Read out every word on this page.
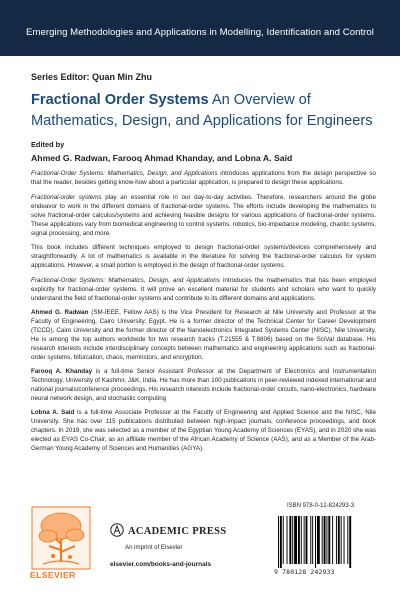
Emerging Methodologies and Applications in Modelling, Identification and Control
Series Editor: Quan Min Zhu
Fractional Order Systems An Overview of Mathematics, Design, and Applications for Engineers
Edited by
Ahmed G. Radwan, Farooq Ahmad Khanday, and Lobna A. Said

Fractional-Order Systems: Mathematics, Design, and Applications introduces applications from the design perspective so that the reader, besides getting know-how about a particular application, is prepared to design these applications.

Fractional-order systems play an essential role in our day-to-day activities. Therefore, researchers around the globe endeavor to work in the different domains of fractional-order systems. The efforts include developing the mathematics to solve fractional-order calculus/systems and achieving feasible designs for various applications of fractional-order systems. These applications vary from biomedical engineering to control systems, robotics, bio-impedance modeling, chaotic systems, signal processing, and more.

This book includes different techniques employed to design fractional-order systems/devices comprehensively and straightforwardly. A lot of mathematics is available in the literature for solving the fractional-order calculus for system applications. However, a small portion is employed in the design of fractional-order systems.

Fractional-Order Systems: Mathematics, Design, and Applications introduces the mathematics that has been employed explicitly for fractional-order systems. It will prove an excellent material for students and scholars who want to quickly understand the field of fractional-order systems and contribute to its different domains and applications.

Ahmed G. Radwan (SM-IEEE, Fellow AAS) is the Vice President for Research at Nile University and Professor at the Faculty of Engineering, Cairo University, Egypt. He is a former director of the Technical Center for Career Development (TCCD), Cairo University and the former director of the Nanoelectronics Integrated Systems Center (NISC), Nile University. He is among the top authors worldwide for two research tracks (T.21555 & T.8806) based on the SciVal database. His research interests include interdisciplinary concepts between mathematics and engineering applications such as fractional-order systems, bifurcation, chaos, memristors, and encryption.

Farooq A. Khanday is a full-time Senior Assistant Professor at the Department of Electronics and Instrumentation Technology, University of Kashmir, J&K, India. He has more than 100 publications in peer-reviewed indexed international and national journals/conference proceedings. His research interests include fractional-order circuits, nano-electronics, hardware neural network design, and stochastic computing

Lobna A. Said is a full-time Associate Professor at the Faculty of Engineering and Applied Science and the NISC, Nile University. She has over 115 publications distributed between high-impact journals, conference proceedings, and book chapters. In 2019, she was selected as a member of the Egyptian Young Academy of Sciences (EYAS), and in 2020 she was elected as EYAS Co-Chair, as an affiliate member of the African Academy of Science (AAS), and as a Member of the Arab-German Young Academy of Sciences and Humanities (AGYA).

ELSEVIER
ACADEMIC PRESS
An imprint of Elsevier
elsevier.com/books-and-journals
ISBN 978-0-12-824293-3
9 780128 242933
